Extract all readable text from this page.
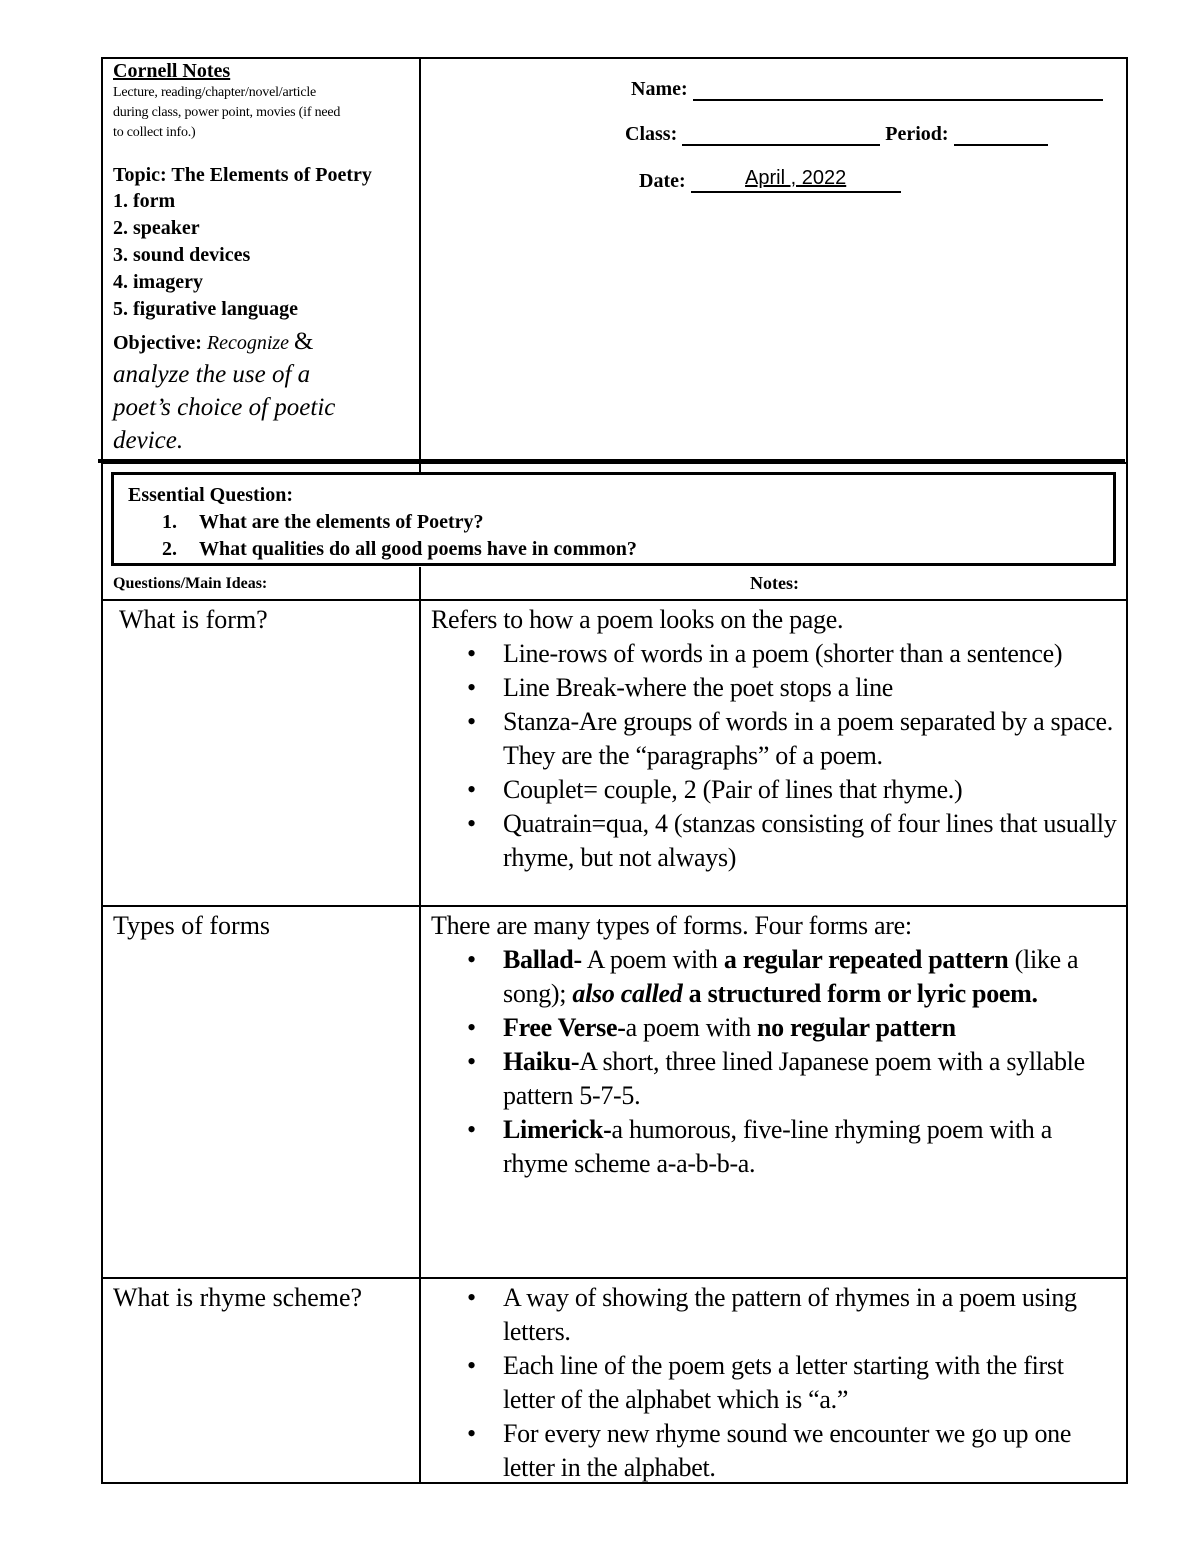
Cornell Notes
Lecture, reading/chapter/novel/article
during class, power point, movies (if need
to collect info.)
Topic: The Elements of Poetry
1. form
2. speaker
3. sound devices
4. imagery
5. figurative language
Objective: Recognize &
analyze the use of a
poet’s choice of poetic
device.
Name:
Class:	Period:
Date:	April , 2022
Essential Question:
1. What are the elements of Poetry?
2. What qualities do all good poems have in common?
Questions/Main Ideas:	Notes:
What is form?	Refers to how a poem looks on the page.
• Line-rows of words in a poem (shorter than a sentence)
• Line Break-where the poet stops a line
• Stanza-Are groups of words in a poem separated by a space. They are the “paragraphs” of a poem.
• Couplet= couple, 2 (Pair of lines that rhyme.)
• Quatrain=qua, 4 (stanzas consisting of four lines that usually rhyme, but not always)
Types of forms	There are many types of forms. Four forms are:
• Ballad- A poem with a regular repeated pattern (like a song); also called a structured form or lyric poem.
• Free Verse-a poem with no regular pattern
• Haiku-A short, three lined Japanese poem with a syllable pattern 5-7-5.
• Limerick-a humorous, five-line rhyming poem with a rhyme scheme a-a-b-b-a.
What is rhyme scheme?
•	A way of showing the pattern of rhymes in a poem using letters.
• Each line of the poem gets a letter starting with the first letter of the alphabet which is “a.”
• For every new rhyme sound we encounter we go up one letter in the alphabet.
